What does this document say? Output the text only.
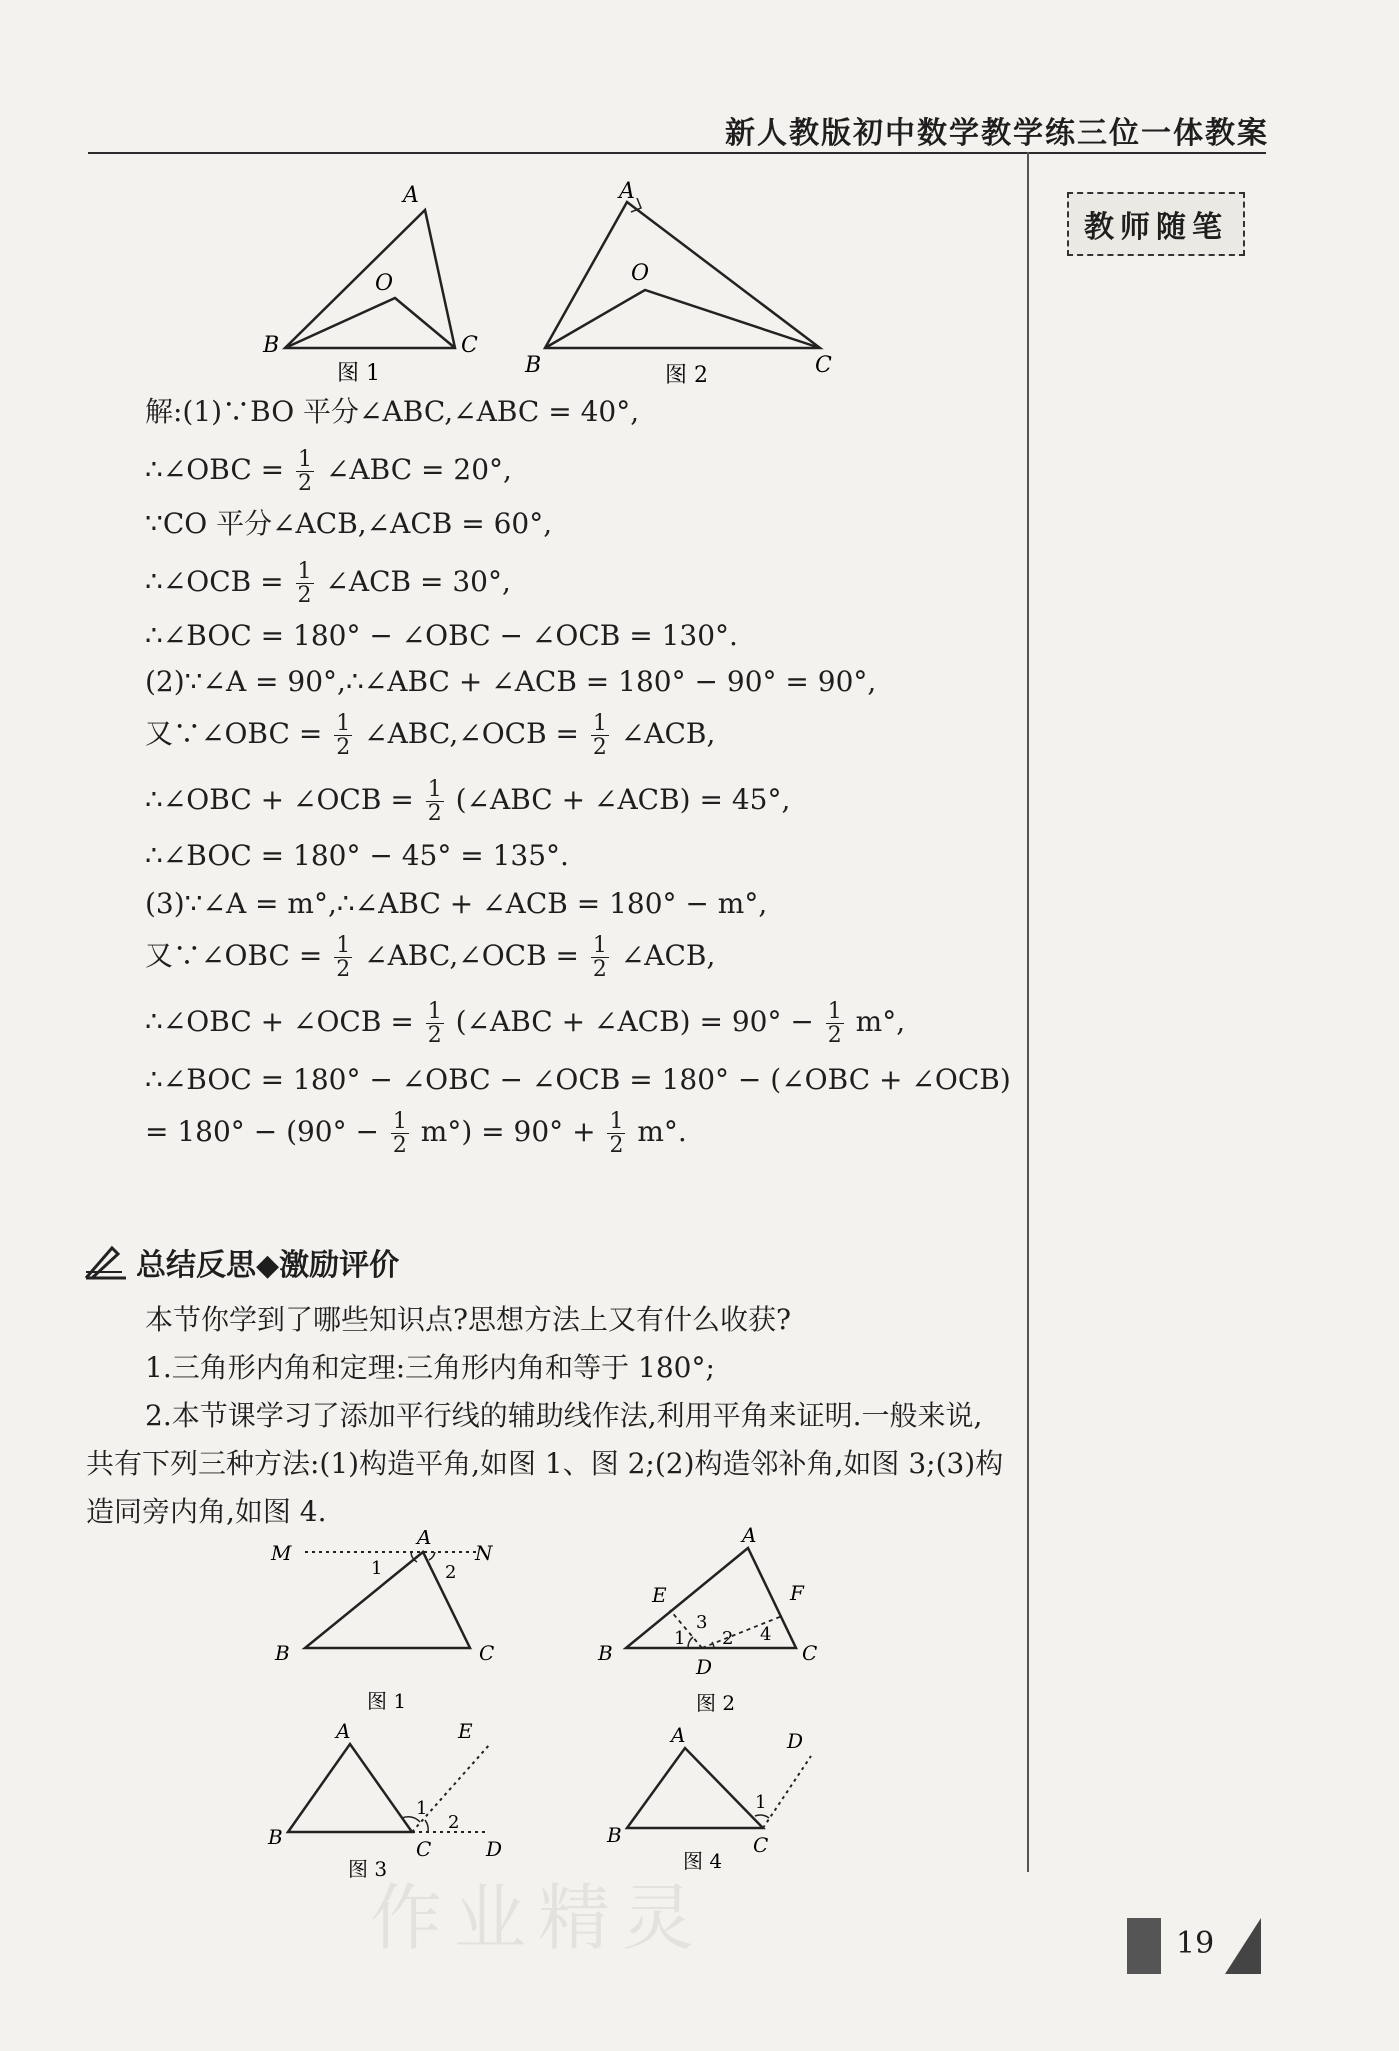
新人教版初中数学教学练三位一体教案
教师随笔
A
B	C
O
图 1
A
B	C
O
图 2
解:(1)∵BO 平分∠ABC,∠ABC = 40°,
∴∠OBC = $\frac{1}{2}$ ∠ABC = 20°,
∵CO 平分∠ACB,∠ACB = 60°,
∴∠OCB = $\frac{1}{2}$ ∠ACB = 30°,
∴∠BOC = 180° − ∠OBC − ∠OCB = 130°.
(2)∵∠A = 90°,∴∠ABC + ∠ACB = 180° − 90° = 90°,
又∵∠OBC = $\frac{1}{2}$ ∠ABC,∠OCB = $\frac{1}{2}$ ∠ACB,
∴∠OBC + ∠OCB = $\frac{1}{2}$ (∠ABC + ∠ACB) = 45°,
∴∠BOC = 180° − 45° = 135°.
(3)∵∠A = m°,∴∠ABC + ∠ACB = 180° − m°,
又∵∠OBC = $\frac{1}{2}$ ∠ABC,∠OCB = $\frac{1}{2}$ ∠ACB,
∴∠OBC + ∠OCB = $\frac{1}{2}$ (∠ABC + ∠ACB) = $90^\circ - \frac{1}{2} m^\circ$,
∴∠BOC = 180° − ∠OBC − ∠OCB = 180° − (∠OBC + ∠OCB)
= $180^\circ - (90^\circ - \frac{1}{2} m^\circ) = 90^\circ + \frac{1}{2} m^\circ$.
总结反思◆激励评价
本节你学到了哪些知识点?思想方法上又有什么收获?
1.三角形内角和定理:三角形内角和等于 180°;
2.本节课学习了添加平行线的辅助线作法,利用平角来证明.一般来说,
共有下列三种方法:(1)构造平角,如图 1、图 2;(2)构造邻补角,如图 3;(3)构
造同旁内角,如图 4.
M
A
N
B	C
1	2
图 1
A
B	C
D
E	F
1
3
2 4
图 2
A
B	C	D
E
1
2
图 3
A
B	C
D
1
图 4
作业精灵	19
